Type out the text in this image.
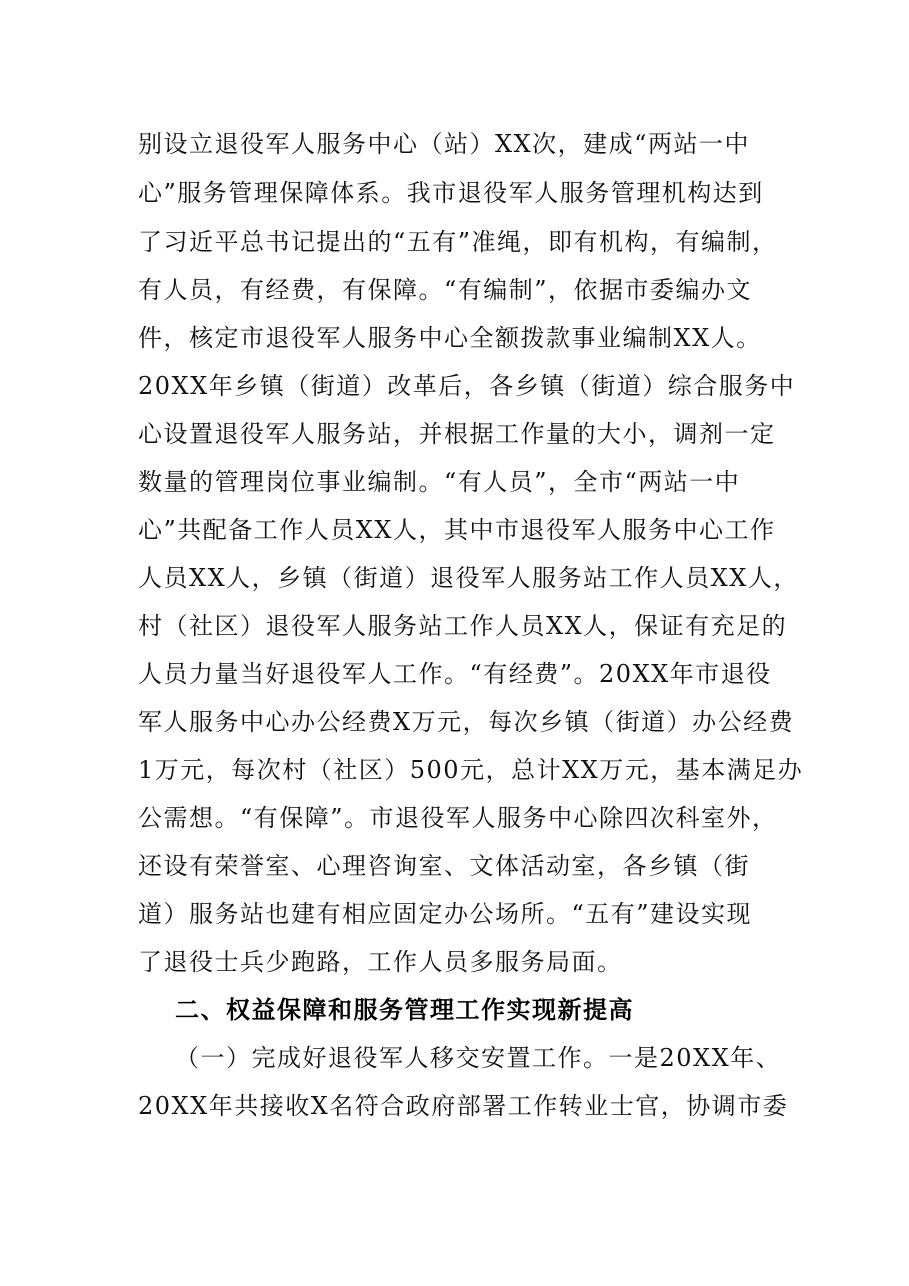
别设立退役军人服务中心（站）XX次，建成“两站一中
心”服务管理保障体系。我市退役军人服务管理机构达到
了习近平总书记提出的“五有”准绳，即有机构，有编制，
有人员，有经费，有保障。“有编制”，依据市委编办文
件，核定市退役军人服务中心全额拨款事业编制XX人。
20XX年乡镇（街道）改革后，各乡镇（街道）综合服务中
心设置退役军人服务站，并根据工作量的大小，调剂一定
数量的管理岗位事业编制。“有人员”，全市“两站一中
心”共配备工作人员XX人，其中市退役军人服务中心工作
人员XX人，乡镇（街道）退役军人服务站工作人员XX人，
村（社区）退役军人服务站工作人员XX人，保证有充足的
人员力量当好退役军人工作。“有经费”。20XX年市退役
军人服务中心办公经费X万元，每次乡镇（街道）办公经费
1万元，每次村（社区）500元，总计XX万元，基本满足办
公需想。“有保障”。市退役军人服务中心除四次科室外，
还设有荣誉室、心理咨询室、文体活动室，各乡镇（街
道）服务站也建有相应固定办公场所。“五有”建设实现
了退役士兵少跑路，工作人员多服务局面。
二、权益保障和服务管理工作实现新提高
（一）完成好退役军人移交安置工作。一是20XX年、
20XX年共接收X名符合政府部署工作转业士官，协调市委
